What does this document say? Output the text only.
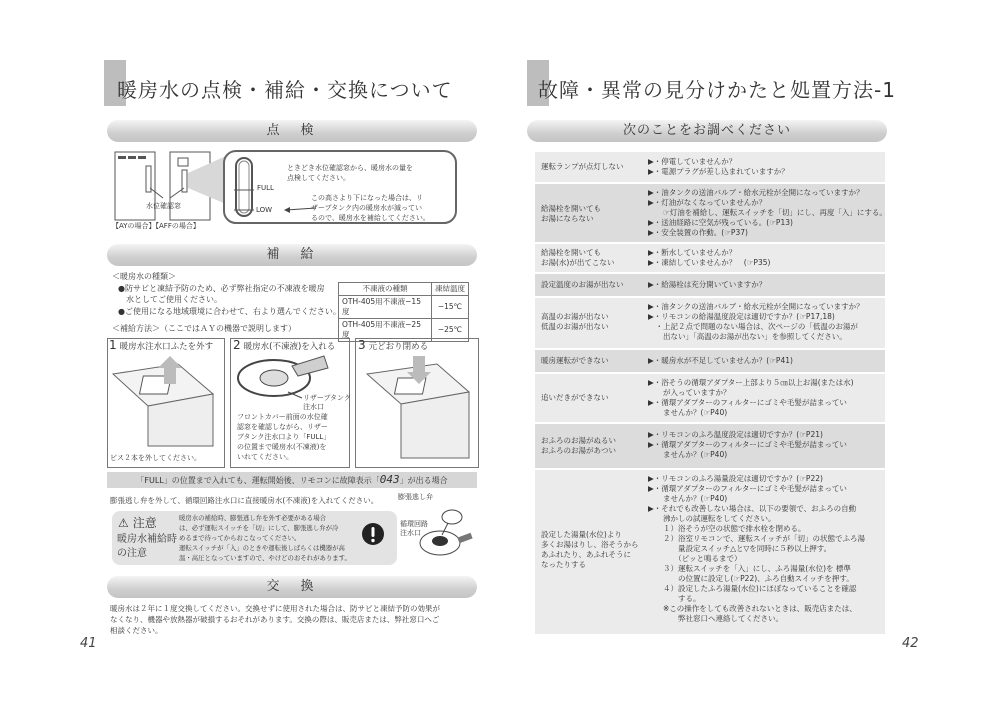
暖房水の点検・補給・交換について
点　検
水位確認窓
【AYの場合】【AFFの場合】
FULL
LOW
ときどき水位確認窓から、暖房水の量を
点検してください。
この高さより下になった場合は、リ
ザーブタンク内の暖房水が減ってい
るので、暖房水を補給してください。
補　給
＜暖房水の種類＞
●防サビと凍結予防のため、必ず弊社指定の不凍液を暖房
水としてご使用ください。
●ご使用になる地域環境に合わせて、右より選んでください。
不凍液の種類	凍結温度
OTH-405用不凍液−15度	−15℃
OTH-405用不凍液−25度	−25℃
＜補給方法＞（ここではＡＹの機器で説明します）
1 暖房水注水口ふたを外す 2 暖房水(不凍液)を入れる 3 元どおり閉める
ビス２本を外してください。
リザーブタンク
注水口
フロントカバー前面の水位確
認窓を確認しながら、リザー
ブタンク注水口より「FULL」
の位置まで暖房水(不凍液)を
いれてください。
「FULL」の位置まで入れても、運転開始後、リモコンに故障表示「043」が出る場合
膨張逃し弁を外して、循環回路注水口に直接暖房水(不凍液)を入れてください。	膨張逃し弁
⚠ 注意
暖房水補給時
の注意
暖房水の補給時、膨張逃し弁を外す必要がある場合
は、必ず運転スイッチを「切」にして、膨張逃し弁が冷
めるまで待ってからおこなってください。
運転スイッチが「入」のときや運転後しばらくは機器が高
温・高圧となっていますので、やけどのおそれがあります。
循環回路
注水口
交　換
暖房水は２年に１度交換してください。交換せずに使用された場合は、防サビと凍結予防の効果が
なくなり、機器や放熱器が破損するおそれがあります。交換の際は、販売店または、弊社窓口へご
相談ください。
41
故障・異常の見分けかたと処置方法-1
次のことをお調べください
運転ランプが点灯しない
▶・停電していませんか？
▶・電源プラグが差し込まれていますか？
給湯栓を開いても
お湯にならない
▶・油タンクの送油バルブ・給水元栓が全開になっていますか？
▶・灯油がなくなっていませんか？
　　☞灯油を補給し、運転スイッチを「切」にし、再度「入」にする。
▶・送油経路に空気が残っている。(☞P13)
▶・安全装置の作動。(☞P37)
給湯栓を開いても
お湯(水)が出てこない
▶・断水していませんか？
▶・凍結していませんか？　(☞P35)
設定温度のお湯が出ない	▶・給湯栓は充分開いていますか？
高温のお湯が出ない
低温のお湯が出ない
▶・油タンクの送油バルブ・給水元栓が全開になっていますか？
▶・リモコンの給湯温度設定は適切ですか？(☞P17,18)
　・上記２点で問題のない場合は、次ページの「低温のお湯が
　　出ない」「高温のお湯が出ない」を参照してください。
暖房運転ができない	▶・暖房水が不足していませんか？(☞P41)
追いだきができない
▶・浴そうの循環アダプター上部より５㎝以上お湯(または水)
　　が入っていますか？
▶・循環アダプターのフィルターにゴミや毛髪が詰まってい
　　ませんか？(☞P40)
おふろのお湯がぬるい
おふろのお湯があつい
▶・リモコンのふろ温度設定は適切ですか？(☞P21)
▶・循環アダプターのフィルターにゴミや毛髪が詰まってい
　　ませんか？(☞P40)
設定した湯量(水位)より
多くお湯はりし、浴そうから
あふれたり、あふれそうに
なったりする
▶・リモコンのふろ湯量設定は適切ですか？(☞P22)
▶・循環アダプターのフィルターにゴミや毛髪が詰まってい
　　ませんか？(☞P40)
▶・それでも改善しない場合は、以下の要領で、おふろの自動
　　沸かしの試運転をしてください。
　　１）浴そうが空の状態で排水栓を閉める。
　　２）浴室リモコンで、運転スイッチが「切」の状態でふろ湯
　　　　量設定スイッチ△と▽を同時に５秒以上押す。
　　　　（ピッと鳴るまで）
　　３）運転スイッチを「入」にし、ふろ湯量(水位)を 標準
　　　　の位置に設定し(☞P22)、ふろ自動スイッチを押す。
　　４）設定したふろ湯量(水位)にほぼなっていることを確認
　　　　する。
　　※この操作をしても改善されないときは、販売店または、
　　　　弊社窓口へ連絡してください。
42
